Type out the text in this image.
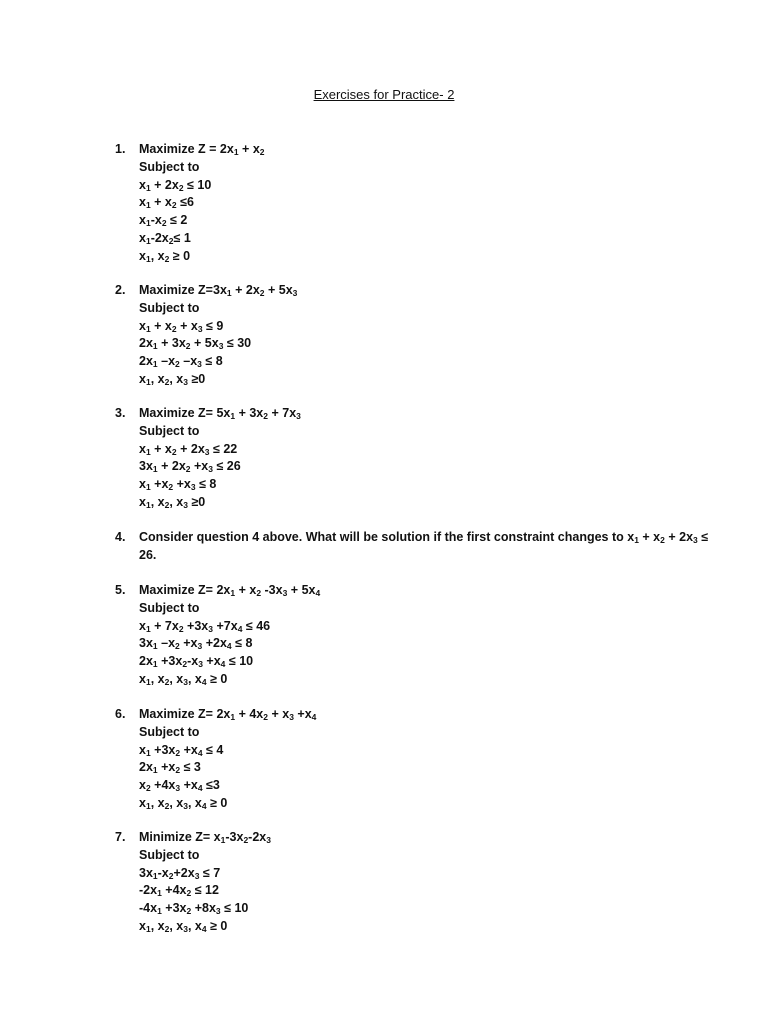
Exercises for Practice- 2
1. Maximize $Z = 2x_1 + x_2$
Subject to
$x_1 + 2x_2 \le 10$
$x_1 + x_2 \le 6$
$x_1-x_2 \le 2$
$x_1-2x_2\le 1$
$x_1$, $x_2 \ge 0$
2. Maximize $Z=3x_1 + 2x_2 + 5x_3$
Subject to
$x_1 + x_2 + x_3 \le 9$
$2x_1 + 3x_2 + 5x_3 \le 30$
$2x_1$ $-x_2$ $-x_3 \le 8$
$x_1$, $x_2$, $x_3 \ge 0$
3. Maximize $Z= 5x_1 + 3x_2 + 7x_3$
Subject to
$x_1 + x_2 + 2x_3 \le 22$
$3x_1 + 2x_2 +x_3 \le 26$
$x_1 +x_2 +x_3 \le 8$
$x_1$, $x_2$, $x_3 \ge 0$
4. Consider question 4 above. What will be solution if the first constraint changes to $x_1 + x_2 + 2x_3 \le 26$.
5. Maximize $Z= 2x_1 + x_2$ $-3x_3 + 5x_4$
Subject to
$x_1 + 7x_2 +3x_3 +7x_4 \le 46$
$3x_1$ $-x_2 +x_3 +2x_4 \le 8$
$2x_1 +3x_2-x_3 +x_4 \le 10$
$x_1$, $x_2$, $x_3$, $x_4 \ge 0$
6. Maximize $Z= 2x_1 + 4x_2 + x_3 +x_4$
Subject to
$x_1 +3x_2 +x_4 \le 4$
$2x_1 +x_2 \le 3$
$x_2 +4x_3 +x_4 \le 3$
$x_1$, $x_2$, $x_3$, $x_4 \ge 0$
7. Minimize $Z= x_1-3x_2-2x_3$
Subject to
$3x_1-x_2+2x_3 \le 7$
$-2x_1 +4x_2 \le 12$
$-4x_1 +3x_2 +8x_3 \le 10$
$x_1$, $x_2$, $x_3$, $x_4 \ge 0$
